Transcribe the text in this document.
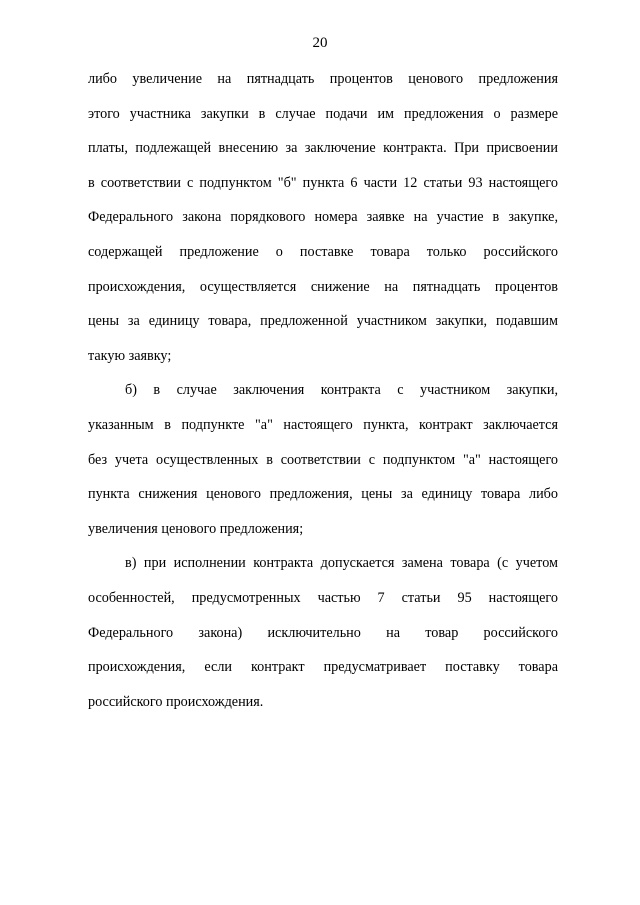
20
либо увеличение на пятнадцать процентов ценового предложения
этого участника закупки в случае подачи им предложения о размере
платы, подлежащей внесению за заключение контракта. При присвоении
в соответствии с подпунктом "б" пункта 6 части 12 статьи 93 настоящего
Федерального закона порядкового номера заявке на участие в закупке,
содержащей предложение о поставке товара только российского
происхождения, осуществляется снижение на пятнадцать процентов
цены за единицу товара, предложенной участником закупки, подавшим
такую заявку;
б) в случае заключения контракта с участником закупки,
указанным в подпункте "а" настоящего пункта, контракт заключается
без учета осуществленных в соответствии с подпунктом "а" настоящего
пункта снижения ценового предложения, цены за единицу товара либо
увеличения ценового предложения;
в) при исполнении контракта допускается замена товара (с учетом
особенностей, предусмотренных частью 7 статьи 95 настоящего
Федерального закона) исключительно на товар российского
происхождения, если контракт предусматривает поставку товара
российского происхождения.
